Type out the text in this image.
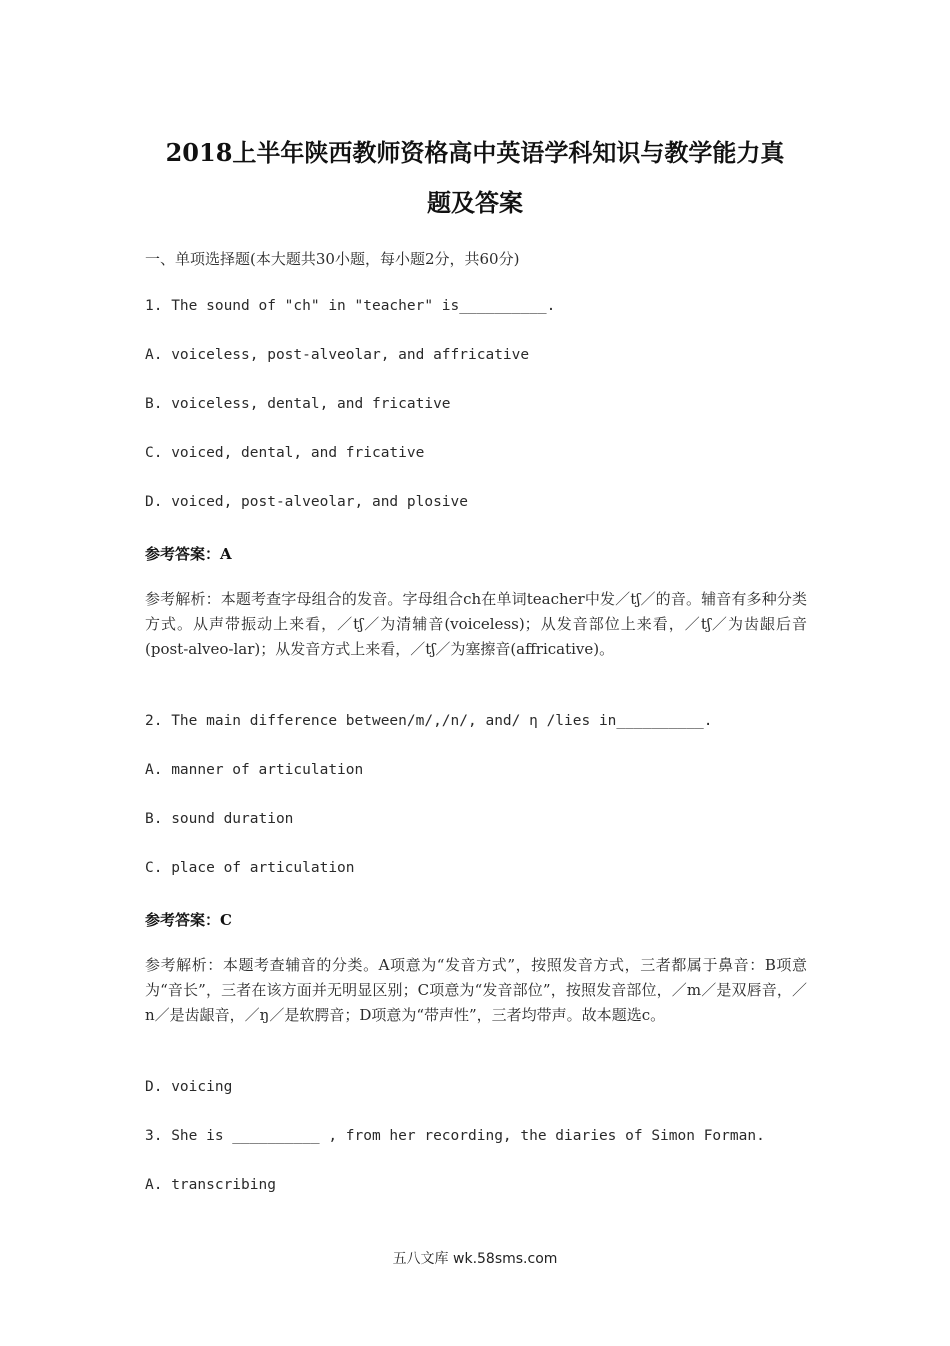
2018上半年陕西教师资格高中英语学科知识与教学能力真
题及答案
一、单项选择题(本大题共30小题，每小题2分，共60分)
1. The sound of "ch" in "teacher" is__________.
A. voiceless, post-alveolar, and affricative
B. voiceless, dental, and fricative
C. voiced, dental, and fricative
D. voiced, post-alveolar, and plosive
参考答案：A
参考解析：本题考查字母组合的发音。字母组合ch在单词teacher中发／tʃ／的音。辅音有多种分类方式。从声带振动上来看，／tʃ／为清辅音(voiceless)；从发音部位上来看，／tʃ／为齿龈后音(post-alveo-lar)；从发音方式上来看，／tʃ／为塞擦音(affricative)。
2. The main difference between/m/,/n/, and/ η /lies in__________.
A. manner of articulation
B. sound duration
C. place of articulation
参考答案：C
参考解析：本题考查辅音的分类。A项意为“发音方式”，按照发音方式，三者都属于鼻音：B项意为“音长”，三者在该方面并无明显区别；C项意为“发音部位”，按照发音部位，／m／是双唇音，／n／是齿龈音，／ŋ／是软腭音；D项意为“带声性”，三者均带声。故本题选c。
D. voicing
3. She is __________ , from her recording, the diaries of Simon Forman.
A. transcribing
五八文库 wk.58sms.com
